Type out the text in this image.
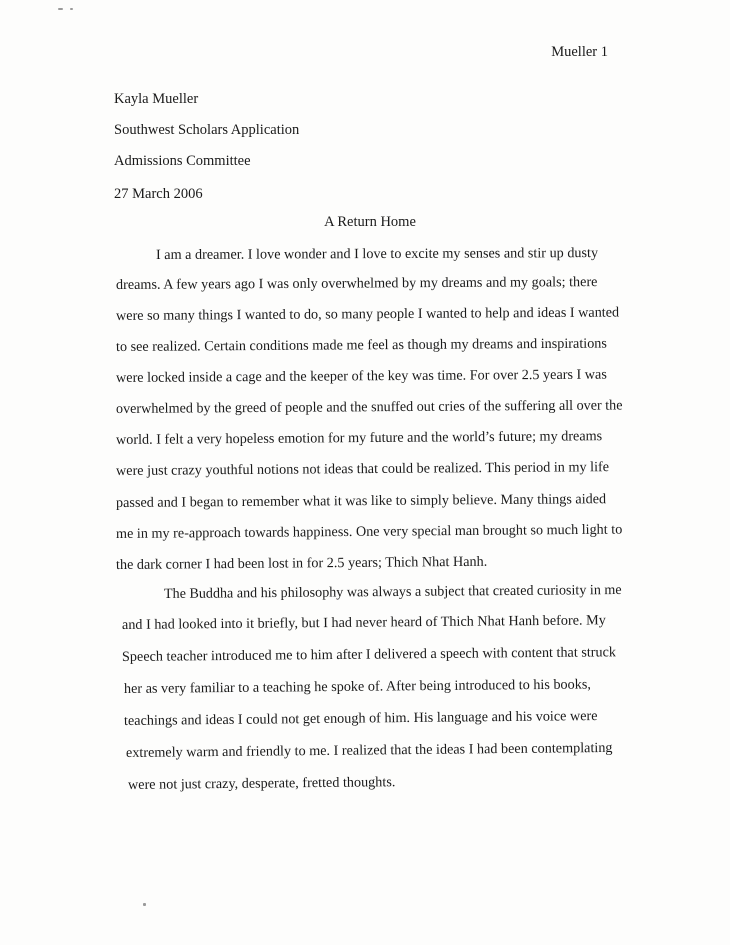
Mueller 1
Kayla Mueller
Southwest Scholars Application
Admissions Committee
27 March 2006
A Return Home
I am a dreamer. I love wonder and I love to excite my senses and stir up dusty
dreams. A few years ago I was only overwhelmed by my dreams and my goals; there
were so many things I wanted to do, so many people I wanted to help and ideas I wanted
to see realized. Certain conditions made me feel as though my dreams and inspirations
were locked inside a cage and the keeper of the key was time. For over 2.5 years I was
overwhelmed by the greed of people and the snuffed out cries of the suffering all over the
world. I felt a very hopeless emotion for my future and the world’s future; my dreams
were just crazy youthful notions not ideas that could be realized. This period in my life
passed and I began to remember what it was like to simply believe. Many things aided
me in my re-approach towards happiness. One very special man brought so much light to
the dark corner I had been lost in for 2.5 years; Thich Nhat Hanh.
The Buddha and his philosophy was always a subject that created curiosity in me
and I had looked into it briefly, but I had never heard of Thich Nhat Hanh before. My
Speech teacher introduced me to him after I delivered a speech with content that struck
her as very familiar to a teaching he spoke of. After being introduced to his books,
teachings and ideas I could not get enough of him. His language and his voice were
extremely warm and friendly to me. I realized that the ideas I had been contemplating
were not just crazy, desperate, fretted thoughts.
